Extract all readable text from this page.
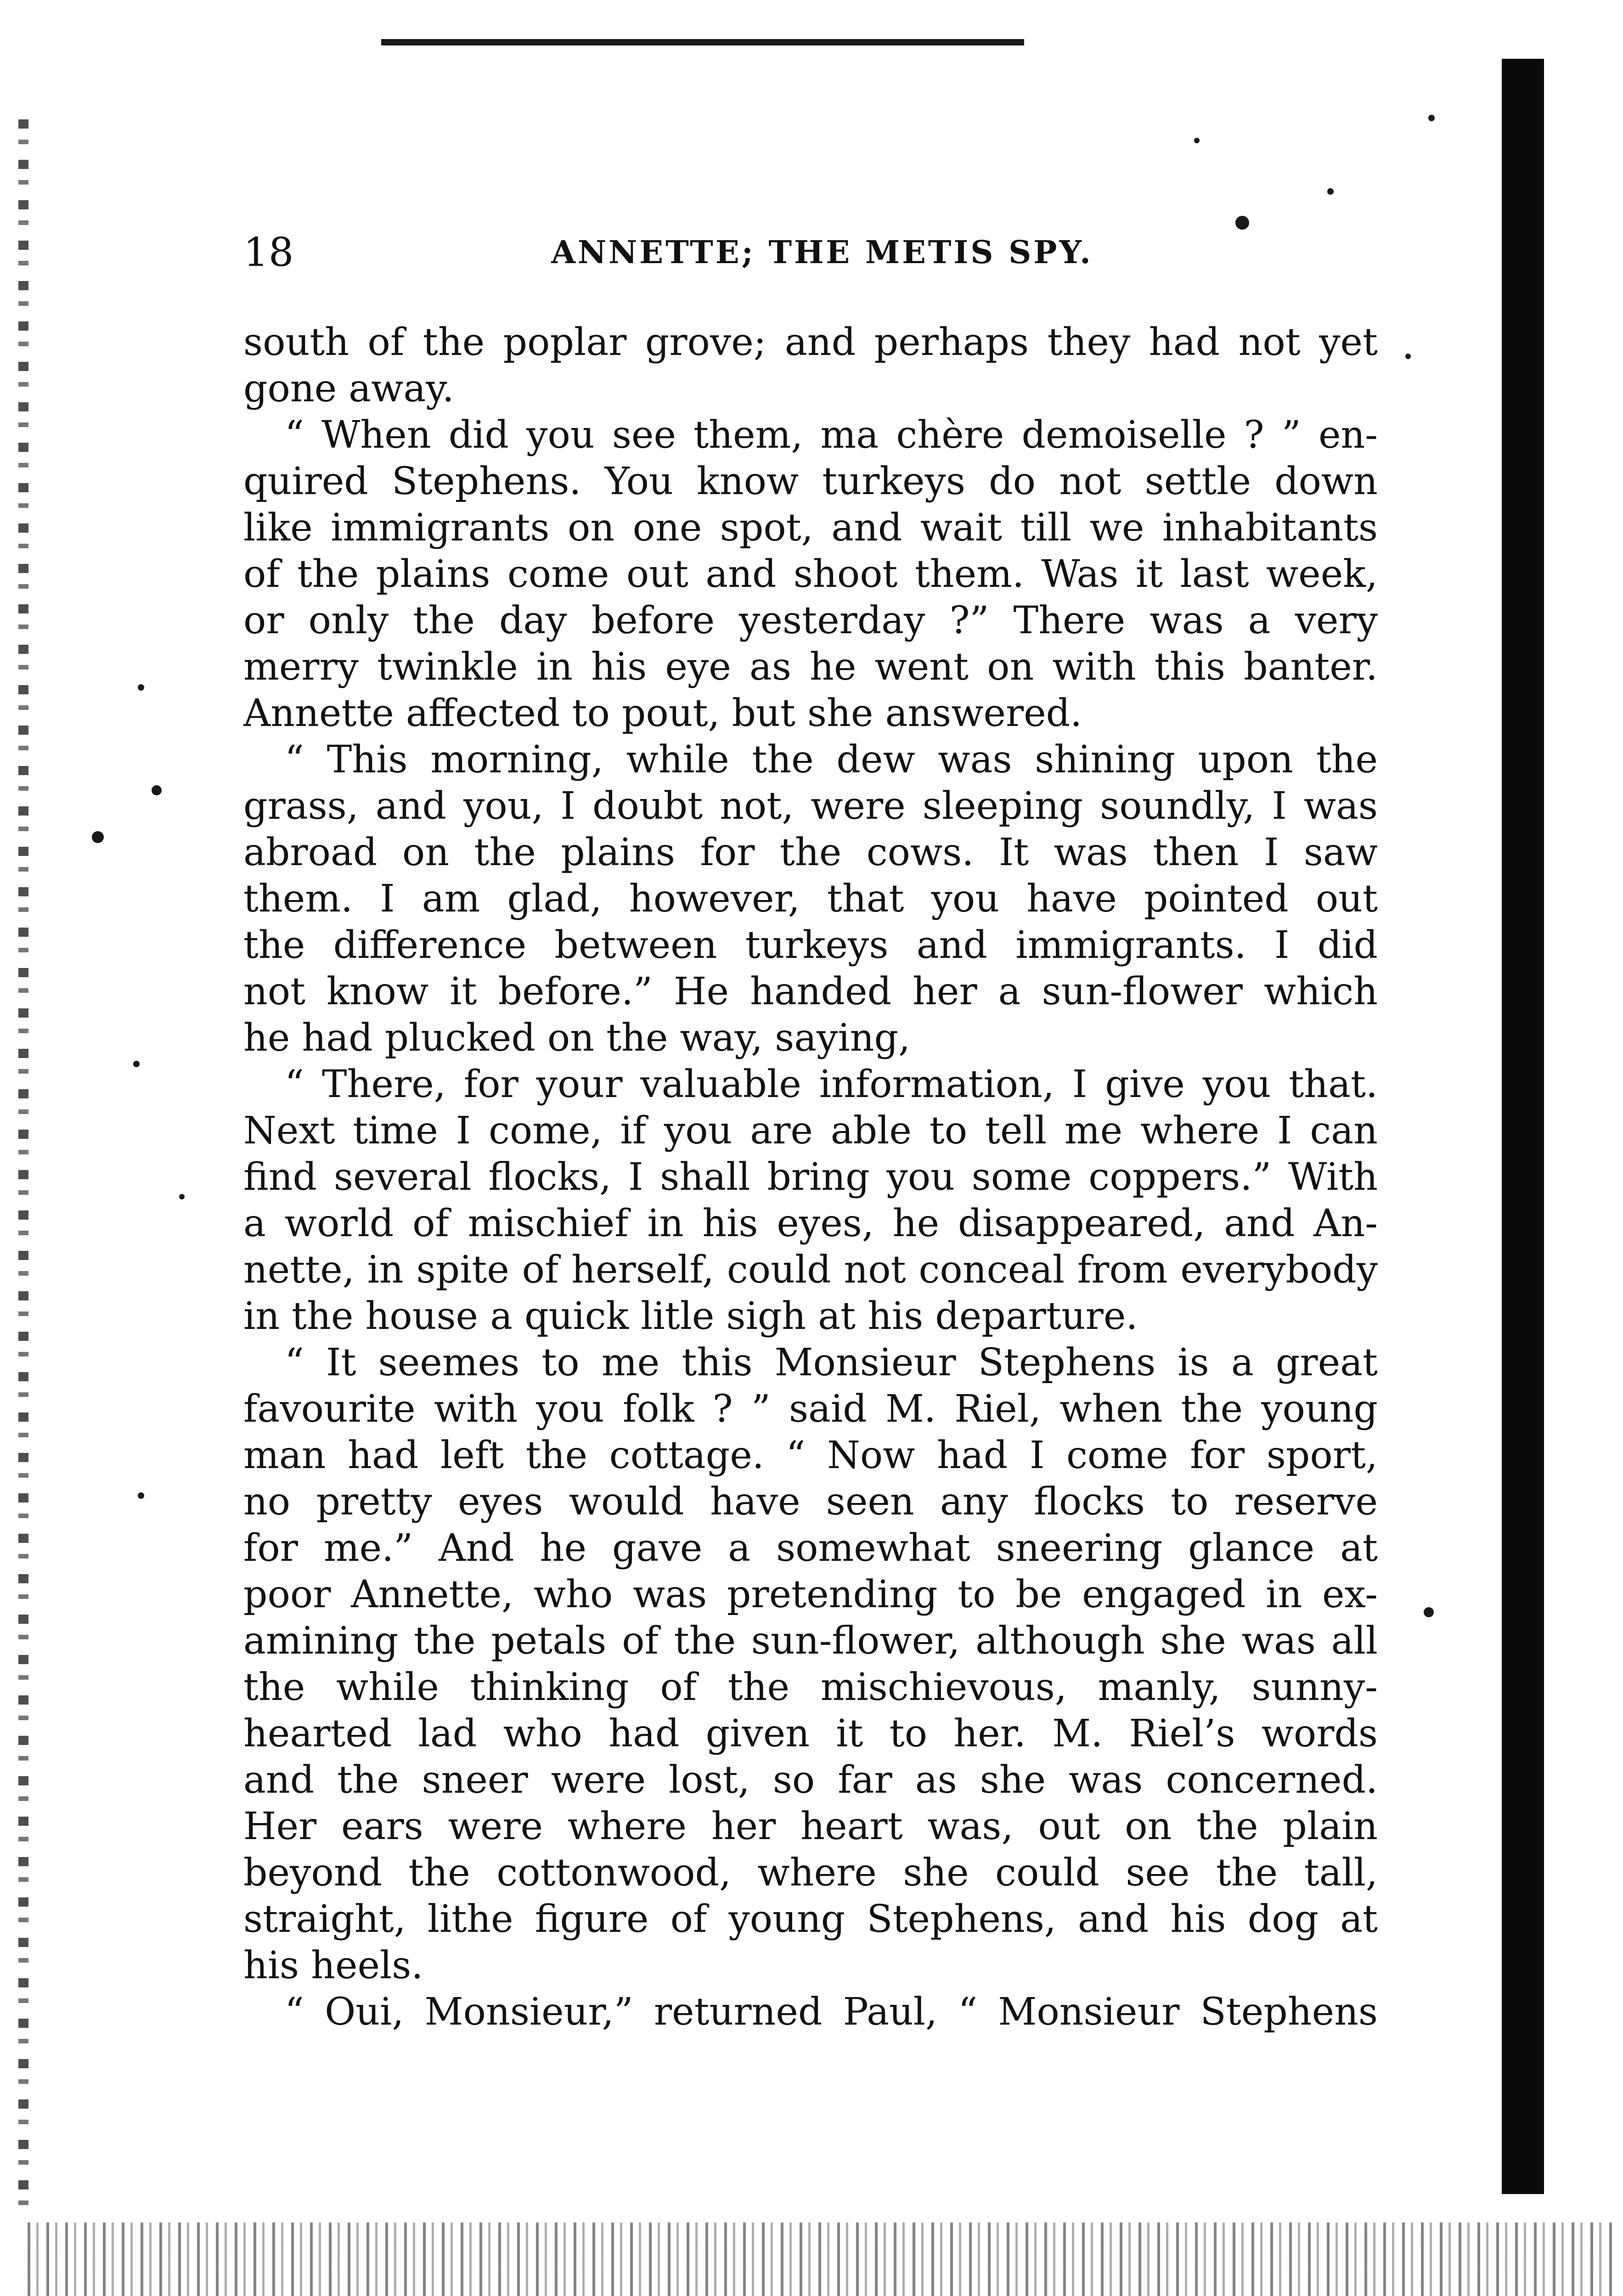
18	ANNETTE; THE METIS SPY.
south of the poplar grove; and perhaps they had not yet
gone away.
“ When did you see them, ma chère demoiselle ? ” en-
quired Stephens. You know turkeys do not settle down
like immigrants on one spot, and wait till we inhabitants
of the plains come out and shoot them. Was it last week,
or only the day before yesterday ?” There was a very
merry twinkle in his eye as he went on with this banter.
Annette affected to pout, but she answered.
“ This morning, while the dew was shining upon the
grass, and you, I doubt not, were sleeping soundly, I was
abroad on the plains for the cows. It was then I saw
them. I am glad, however, that you have pointed out
the difference between turkeys and immigrants. I did
not know it before.” He handed her a sun-flower which
he had plucked on the way, saying,
“ There, for your valuable information, I give you that.
Next time I come, if you are able to tell me where I can
find several flocks, I shall bring you some coppers.” With
a world of mischief in his eyes, he disappeared, and An-
nette, in spite of herself, could not conceal from everybody
in the house a quick litle sigh at his departure.
“ It seemes to me this Monsieur Stephens is a great
favourite with you folk ? ” said M. Riel, when the young
man had left the cottage. “ Now had I come for sport,
no pretty eyes would have seen any flocks to reserve
for me.” And he gave a somewhat sneering glance at
poor Annette, who was pretending to be engaged in ex-
amining the petals of the sun-flower, although she was all
the while thinking of the mischievous, manly, sunny-
hearted lad who had given it to her. M. Riel’s words
and the sneer were lost, so far as she was concerned.
Her ears were where her heart was, out on the plain
beyond the cottonwood, where she could see the tall,
straight, lithe figure of young Stephens, and his dog at
his heels.
“ Oui, Monsieur,” returned Paul, “ Monsieur Stephens
